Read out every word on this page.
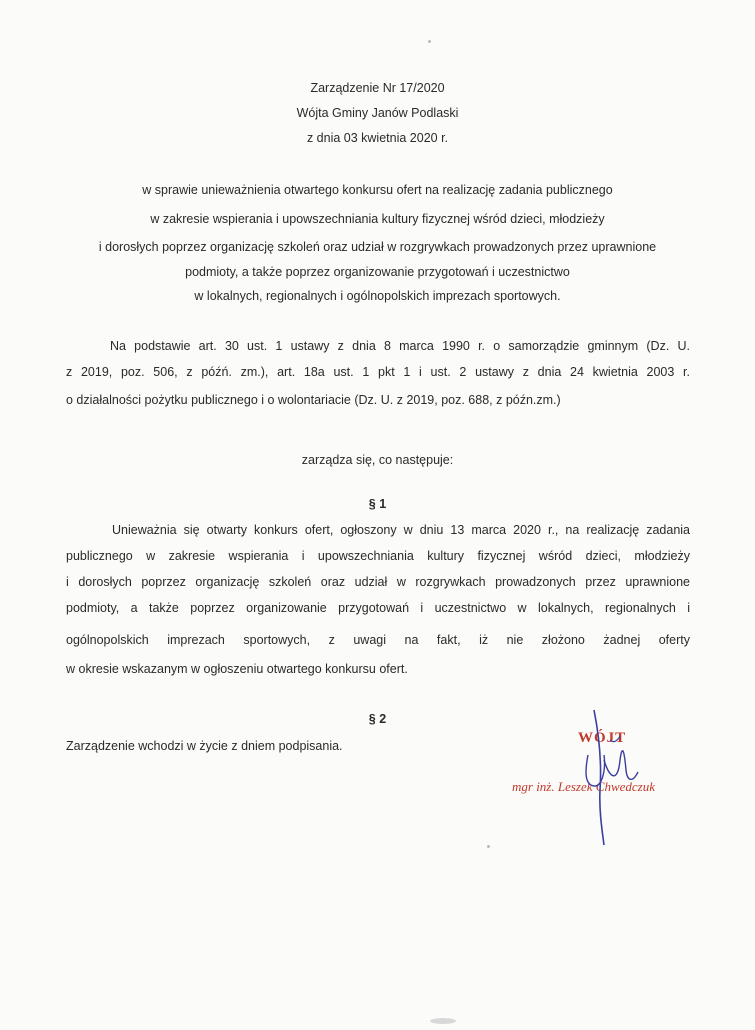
Zarządzenie Nr 17/2020
Wójta Gminy Janów Podlaski
z dnia 03 kwietnia 2020 r.
w sprawie unieważnienia otwartego konkursu ofert na realizację zadania publicznego
w zakresie wspierania i upowszechniania kultury fizycznej wśród dzieci, młodzieży
i dorosłych poprzez organizację szkoleń oraz udział w rozgrywkach prowadzonych przez uprawnione
podmioty, a także poprzez organizowanie przygotowań i uczestnictwo
w lokalnych, regionalnych i ogólnopolskich imprezach sportowych.
Na podstawie art. 30 ust. 1 ustawy z dnia 8 marca 1990 r. o samorządzie gminnym (Dz. U.
z 2019, poz. 506, z późń. zm.), art. 18a ust. 1 pkt 1 i ust. 2 ustawy z dnia 24 kwietnia 2003 r.
o działalności pożytku publicznego i o wolontariacie (Dz. U. z 2019, poz. 688, z późn.zm.)
zarządza się, co następuje:
§ 1
Unieważnia się otwarty konkurs ofert, ogłoszony w dniu 13 marca 2020 r., na realizację zadania
publicznego w zakresie wspierania i upowszechniania kultury fizycznej wśród dzieci, młodzieży
i dorosłych poprzez organizację szkoleń oraz udział w rozgrywkach prowadzonych przez uprawnione
podmioty, a także poprzez organizowanie przygotowań i uczestnictwo w lokalnych, regionalnych i
ogólnopolskich imprezach sportowych, z uwagi na fakt, iż nie złożono żadnej oferty
w okresie wskazanym w ogłoszeniu otwartego konkursu ofert.
§ 2
Zarządzenie wchodzi w życie z dniem podpisania.	WÓJT
mgr inż. Leszek Chwedczuk
